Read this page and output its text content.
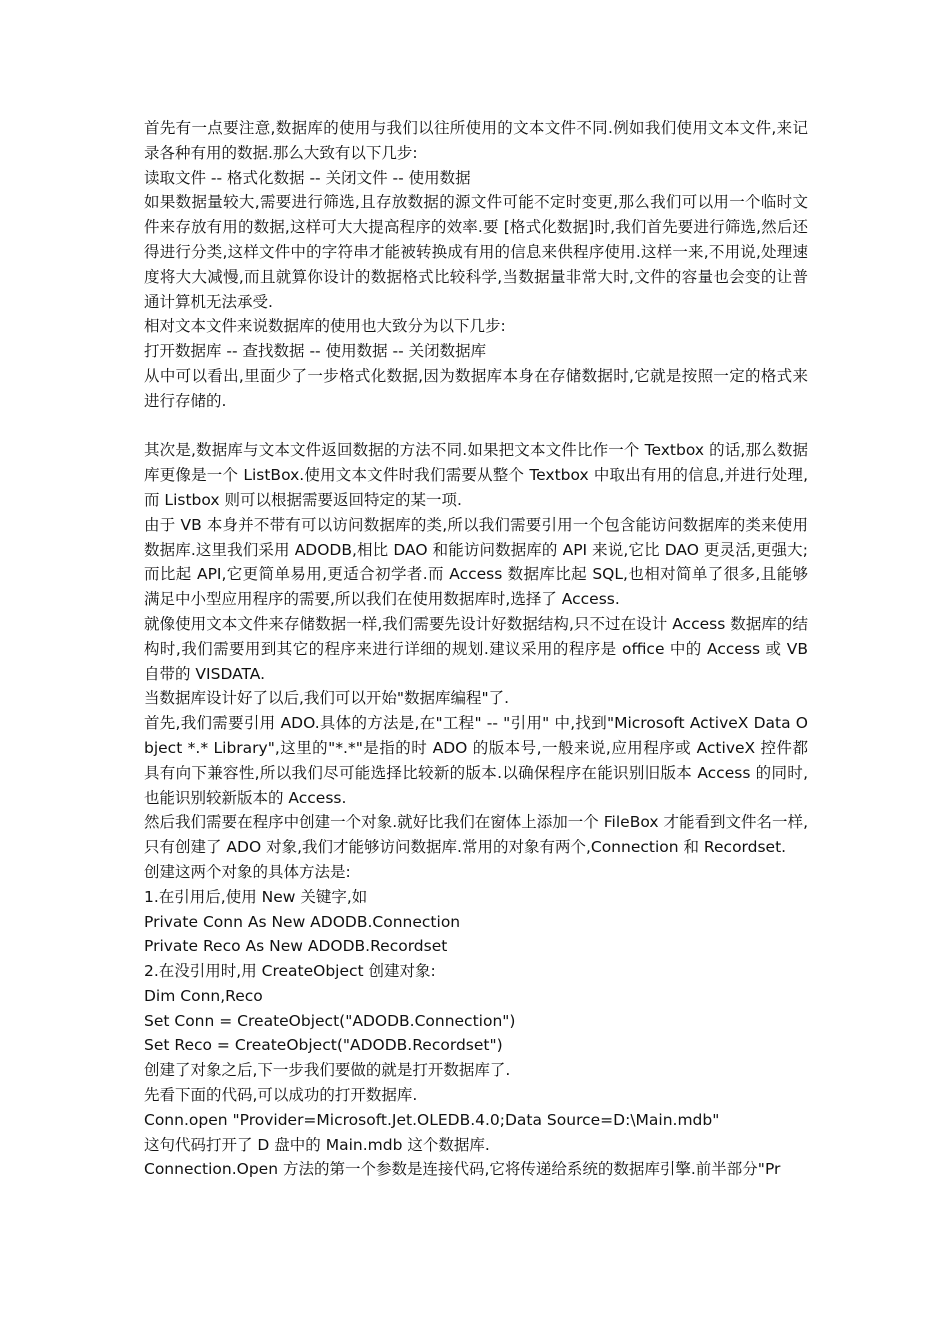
首先有一点要注意,数据库的使用与我们以往所使用的文本文件不同.例如我们使用文本文件,来记录各种有用的数据.那么大致有以下几步:

读取文件 -- 格式化数据 -- 关闭文件 -- 使用数据

如果数据量较大,需要进行筛选,且存放数据的源文件可能不定时变更,那么我们可以用一个临时文件来存放有用的数据,这样可大大提高程序的效率.要 [格式化数据]时,我们首先要进行筛选,然后还得进行分类,这样文件中的字符串才能被转换成有用的信息来供程序使用.这样一来,不用说,处理速度将大大减慢,而且就算你设计的数据格式比较科学,当数据量非常大时,文件的容量也会变的让普通计算机无法承受.

相对文本文件来说数据库的使用也大致分为以下几步:

打开数据库 -- 查找数据 -- 使用数据 -- 关闭数据库

从中可以看出,里面少了一步格式化数据,因为数据库本身在存储数据时,它就是按照一定的格式来进行存储的.

其次是,数据库与文本文件返回数据的方法不同.如果把文本文件比作一个 Textbox 的话,那么数据库更像是一个 ListBox.使用文本文件时我们需要从整个 Textbox 中取出有用的信息,并进行处理,而 Listbox 则可以根据需要返回特定的某一项.

由于 VB 本身并不带有可以访问数据库的类,所以我们需要引用一个包含能访问数据库的类来使用数据库.这里我们采用 ADODB,相比 DAO 和能访问数据库的 API 来说,它比 DAO 更灵活,更强大;而比起 API,它更简单易用,更适合初学者.而 Access 数据库比起 SQL,也相对简单了很多,且能够满足中小型应用程序的需要,所以我们在使用数据库时,选择了 Access.

就像使用文本文件来存储数据一样,我们需要先设计好数据结构,只不过在设计 Access 数据库的结构时,我们需要用到其它的程序来进行详细的规划.建议采用的程序是 office 中的 Access 或 VB 自带的 VISDATA.

当数据库设计好了以后,我们可以开始"数据库编程"了.

首先,我们需要引用 ADO.具体的方法是,在"工程" -- "引用" 中,找到"Microsoft ActiveX Data Object *.* Library",这里的"*.*"是指的时 ADO 的版本号,一般来说,应用程序或 ActiveX 控件都具有向下兼容性,所以我们尽可能选择比较新的版本.以确保程序在能识别旧版本 Access 的同时,也能识别较新版本的 Access.

然后我们需要在程序中创建一个对象.就好比我们在窗体上添加一个 FileBox 才能看到文件名一样,只有创建了 ADO 对象,我们才能够访问数据库.常用的对象有两个,Connection 和 Recordset.

创建这两个对象的具体方法是:

1.在引用后,使用 New 关键字,如

Private Conn As New ADODB.Connection

Private Reco As New ADODB.Recordset

2.在没引用时,用 CreateObject 创建对象:

Dim Conn,Reco

Set Conn = CreateObject("ADODB.Connection")

Set Reco = CreateObject("ADODB.Recordset")

创建了对象之后,下一步我们要做的就是打开数据库了.

先看下面的代码,可以成功的打开数据库.

Conn.open "Provider=Microsoft.Jet.OLEDB.4.0;Data Source=D:\Main.mdb"

这句代码打开了 D 盘中的 Main.mdb 这个数据库.

Connection.Open 方法的第一个参数是连接代码,它将传递给系统的数据库引擎.前半部分"Pr
